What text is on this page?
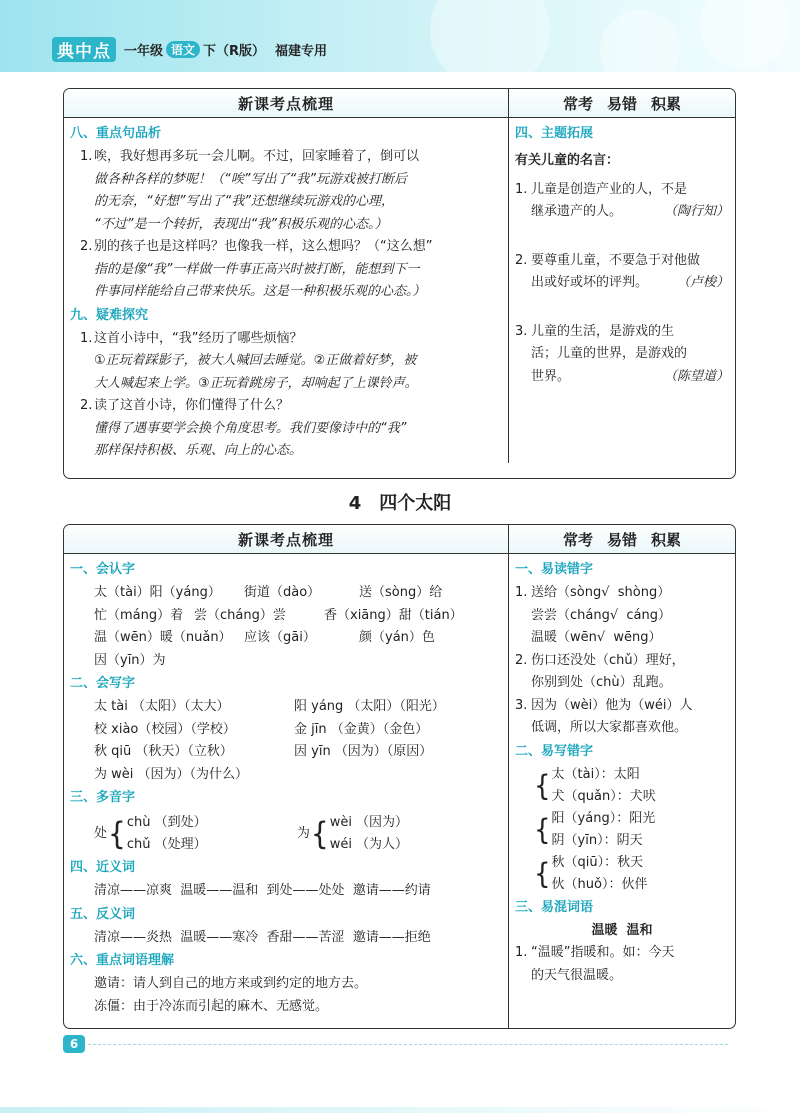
典中点	一年级 语文 下（R版） 福建专用
新课考点梳理	常考 易错 积累
八、重点句品析
1. 唉，我好想再多玩一会儿啊。不过，回家睡着了，倒可以
做各种各样的梦呢！（“唉”写出了“我”玩游戏被打断后
的无奈，“好想”写出了“我”还想继续玩游戏的心理，
“不过”是一个转折，表现出“我”积极乐观的心态。）
2. 别的孩子也是这样吗？也像我一样，这么想吗？（“这么想”
指的是像“我”一样做一件事正高兴时被打断，能想到下一
件事同样能给自己带来快乐。这是一种积极乐观的心态。）
九、疑难探究
1. 这首小诗中，“我”经历了哪些烦恼？
①正玩着踩影子，被大人喊回去睡觉。②正做着好梦，被
大人喊起来上学。③正玩着跳房子，却响起了上课铃声。
2. 读了这首小诗，你们懂得了什么？
懂得了遇事要学会换个角度思考。我们要像诗中的“我”
那样保持积极、乐观、向上的心态。
四、主题拓展
有关儿童的名言：
1. 儿童是创造产业的人，不是
继承遗产的人。	（陶行知）
2. 要尊重儿童，不要急于对他做
出或好或坏的评判。 （卢梭）
3. 儿童的生活，是游戏的生
活；儿童的世界，是游戏的
世界。	（陈望道）
4 四个太阳
新课考点梳理	常考 易错 积累
一、会认字
太（tài）阳（yáng）	街道（dào）	送（sòng）给
忙（máng）着 尝（cháng）尝	香（xiāng）甜（tián）
温（wēn）暖（nuǎn） 应该（gāi）	颜（yán）色
因（yīn）为
二、会写字
太 tài （太阳）（太大）	阳 yáng （太阳）（阳光）
校 xiào（校园）（学校）	金 jīn （金黄）（金色）
秋 qiū （秋天）（立秋）	因 yīn （因为）（原因）
为 wèi （因为）（为什么）
三、多音字
处 { chù （到处）
chǔ （处理）
为 { wèi （因为）
wéi （为人）
四、近义词
清凉——凉爽  温暖——温和  到处——处处  邀请——约请
五、反义词
清凉——炎热  温暖——寒冷  香甜——苦涩  邀请——拒绝
六、重点词语理解
邀请：请人到自己的地方来或到约定的地方去。
冻僵：由于冷冻而引起的麻木、无感觉。
一、易读错字
1. 送给（sòng√  shòng）
尝尝（cháng√  cáng）
温暖（wēn√  wēng）
2. 伤口还没处（chǔ）理好，
你别到处（chù）乱跑。
3. 因为（wèi）他为（wéi）人
低调，所以大家都喜欢他。
二、易写错字
{ 太（tài）：太阳
犬（quǎn）：犬吠
{ 阳（yáng）：阳光
阴（yīn）：阴天
{ 秋（qiū）：秋天
伙（huǒ）：伙伴
三、易混词语
温暖  温和
1. “温暖”指暖和。如：今天
的天气很温暖。
6
